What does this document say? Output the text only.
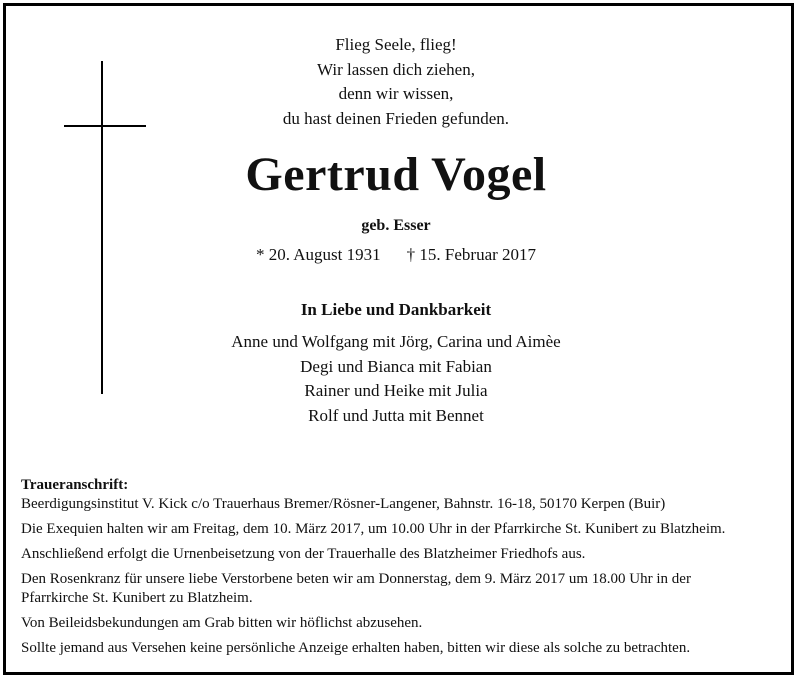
Flieg Seele, flieg!
Wir lassen dich ziehen,
denn wir wissen,
du hast deinen Frieden gefunden.
Gertrud Vogel
geb. Esser
* 20. August 1931 † 15. Februar 2017
In Liebe und Dankbarkeit
Anne und Wolfgang mit Jörg, Carina und Aimèe
Degi und Bianca mit Fabian
Rainer und Heike mit Julia
Rolf und Jutta mit Bennet

Traueranschrift:

Beerdigungsinstitut V. Kick c/o Trauerhaus Bremer/Rösner-Langener, Bahnstr. 16-18, 50170 Kerpen (Buir)

Die Exequien halten wir am Freitag, dem 10. März 2017, um 10.00 Uhr in der Pfarrkirche St. Kunibert zu Blatzheim.

Anschließend erfolgt die Urnenbeisetzung von der Trauerhalle des Blatzheimer Friedhofs aus.

Den Rosenkranz für unsere liebe Verstorbene beten wir am Donnerstag, dem 9. März 2017 um 18.00 Uhr in der

Pfarrkirche St. Kunibert zu Blatzheim.

Von Beileidsbekundungen am Grab bitten wir höflichst abzusehen.

Sollte jemand aus Versehen keine persönliche Anzeige erhalten haben, bitten wir diese als solche zu betrachten.
